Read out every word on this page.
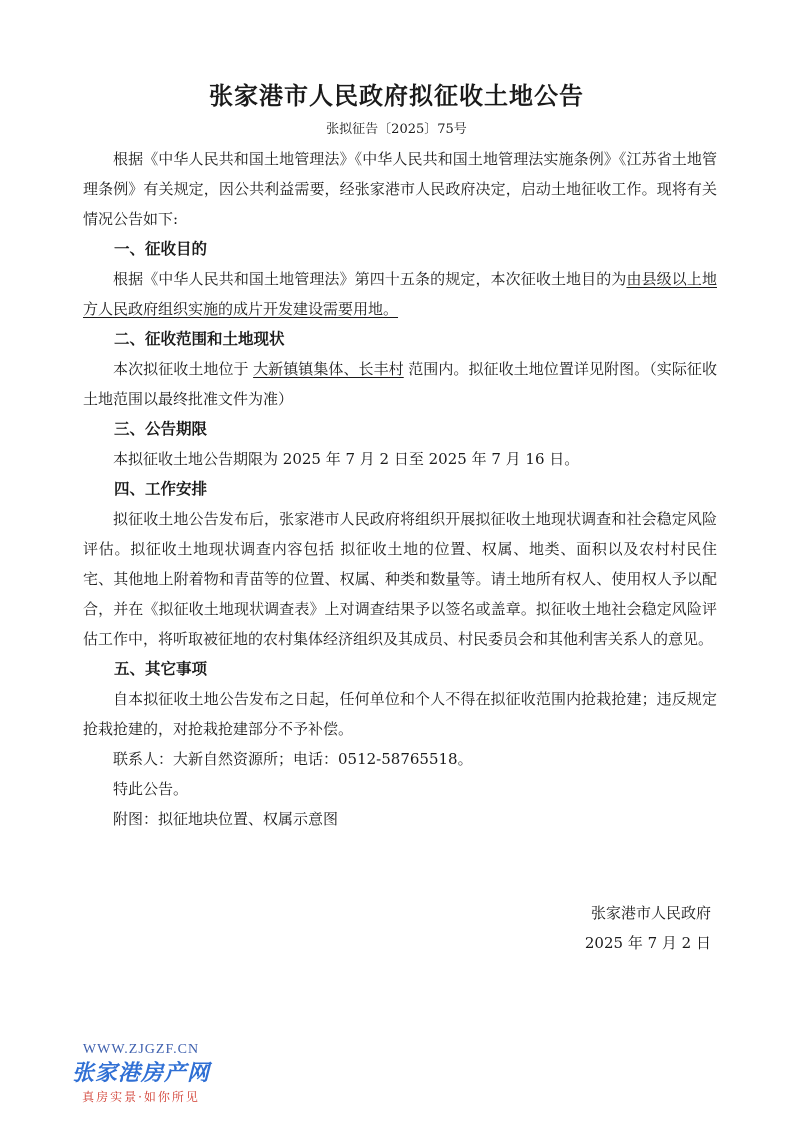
张家港市人民政府拟征收土地公告
张拟征告〔2025〕75号

根据《中华人民共和国土地管理法》《中华人民共和国土地管理法实施条例》《江苏省土地管理条例》有关规定，因公共利益需要，经张家港市人民政府决定，启动土地征收工作。现将有关情况公告如下:

一、征收目的

根据《中华人民共和国土地管理法》第四十五条的规定，本次征收土地目的为由县级以上地方人民政府组织实施的成片开发建设需要用地。

二、征收范围和土地现状

本次拟征收土地位于 大新镇镇集体、长丰村 范围内。拟征收土地位置详见附图。（实际征收土地范围以最终批准文件为准）

三、公告期限

本拟征收土地公告期限为 2025 年 7 月 2 日至 2025 年 7 月 16 日。

四、工作安排

拟征收土地公告发布后，张家港市人民政府将组织开展拟征收土地现状调查和社会稳定风险评估。拟征收土地现状调查内容包括 拟征收土地的位置、权属、地类、面积以及农村村民住宅、其他地上附着物和青苗等的位置、权属、种类和数量等。请土地所有权人、使用权人予以配合，并在《拟征收土地现状调查表》上对调查结果予以签名或盖章。拟征收土地社会稳定风险评估工作中，将听取被征地的农村集体经济组织及其成员、村民委员会和其他利害关系人的意见。

五、其它事项

自本拟征收土地公告发布之日起，任何单位和个人不得在拟征收范围内抢栽抢建；违反规定抢栽抢建的，对抢栽抢建部分不予补偿。

联系人：大新自然资源所；电话：0512-58765518。

特此公告。

附图：拟征地块位置、权属示意图

张家港市人民政府
2025 年 7 月 2 日
WWW.ZJGZF.CN
张家港房产网
真房实景·如你所见
